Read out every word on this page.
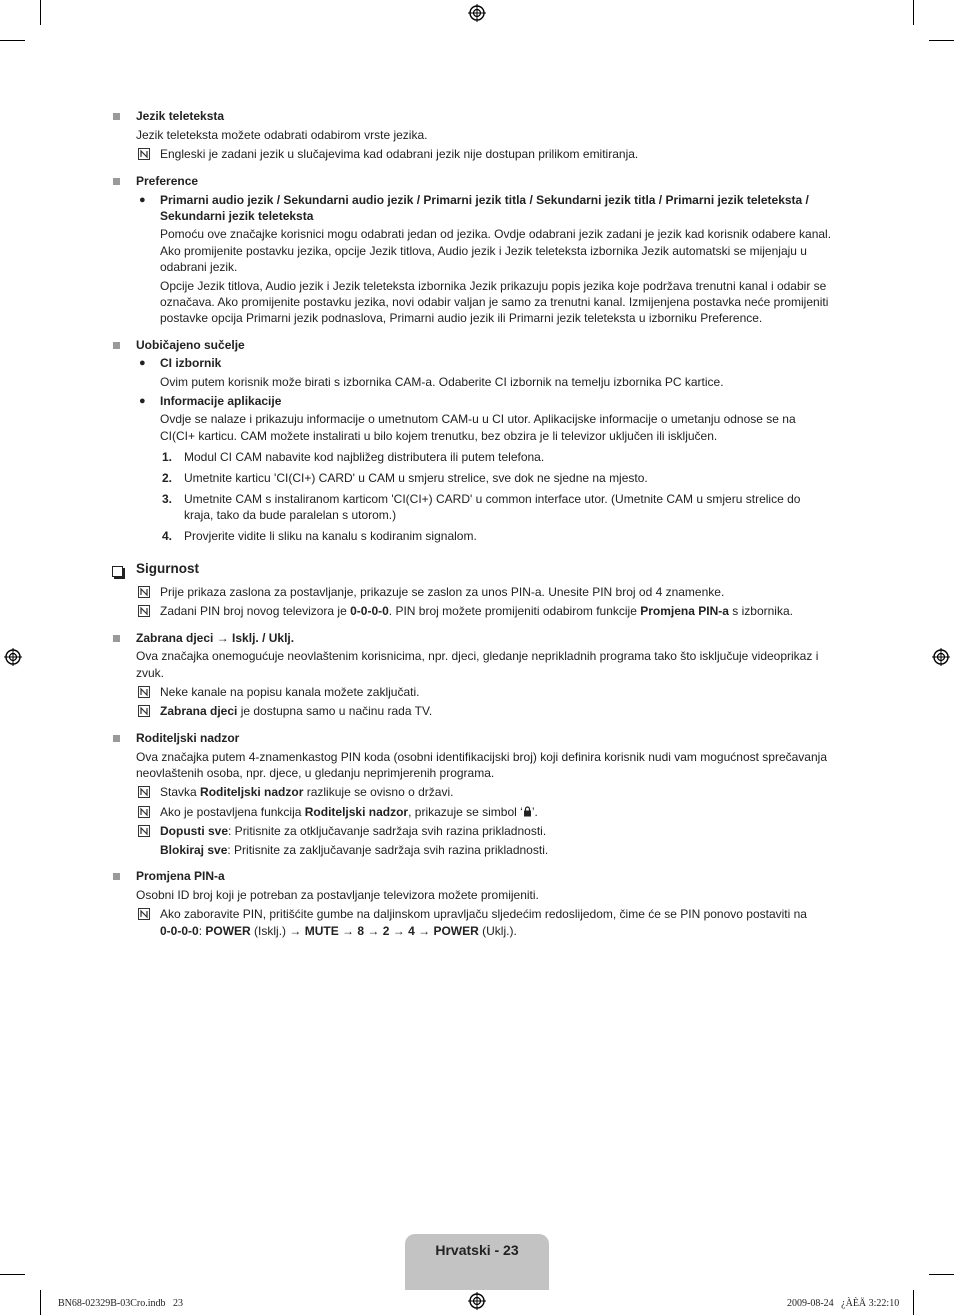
Jezik teleteksta
Jezik teleteksta možete odabrati odabirom vrste jezika.
Engleski je zadani jezik u slučajevima kad odabrani jezik nije dostupan prilikom emitiranja.
Preference
● Primarni audio jezik / Sekundarni audio jezik / Primarni jezik titla / Sekundarni jezik titla / Primarni jezik teleteksta /
Sekundarni jezik teleteksta
Pomoću ove značajke korisnici mogu odabrati jedan od jezika. Ovdje odabrani jezik zadani je jezik kad korisnik odabere kanal.
Ako promijenite postavku jezika, opcije Jezik titlova, Audio jezik i Jezik teleteksta izbornika Jezik automatski se mijenjaju u
odabrani jezik.
Opcije Jezik titlova, Audio jezik i Jezik teleteksta izbornika Jezik prikazuju popis jezika koje podržava trenutni kanal i odabir se
označava. Ako promijenite postavku jezika, novi odabir valjan je samo za trenutni kanal. Izmijenjena postavka neće promijeniti
postavke opcija Primarni jezik podnaslova, Primarni audio jezik ili Primarni jezik teleteksta u izborniku Preference.
Uobičajeno sučelje
● CI izbornik
Ovim putem korisnik može birati s izbornika CAM-a. Odaberite CI izbornik na temelju izbornika PC kartice.
● Informacije aplikacije
Ovdje se nalaze i prikazuju informacije o umetnutom CAM-u u CI utor. Aplikacijske informacije o umetanju odnose se na
CI(CI+ karticu. CAM možete instalirati u bilo kojem trenutku, bez obzira je li televizor uključen ili isključen.
1. Modul CI CAM nabavite kod najbližeg distributera ili putem telefona.
2. Umetnite karticu 'CI(CI+) CARD' u CAM u smjeru strelice, sve dok ne sjedne na mjesto.
3. Umetnite CAM s instaliranom karticom 'CI(CI+) CARD' u common interface utor. (Umetnite CAM u smjeru strelice do
kraja, tako da bude paralelan s utorom.)
4. Provjerite vidite li sliku na kanalu s kodiranim signalom.
Sigurnost
Prije prikaza zaslona za postavljanje, prikazuje se zaslon za unos PIN-a. Unesite PIN broj od 4 znamenke.
Zadani PIN broj novog televizora je 0-0-0-0. PIN broj možete promijeniti odabirom funkcije Promjena PIN-a s izbornika.
Zabrana djeci → Isklj. / Uklj.
Ova značajka onemogućuje neovlaštenim korisnicima, npr. djeci, gledanje neprikladnih programa tako što isključuje videoprikaz i
zvuk.
Neke kanale na popisu kanala možete zaključati.
Zabrana djeci je dostupna samo u načinu rada TV.
Roditeljski nadzor
Ova značajka putem 4-znamenkastog PIN koda (osobni identifikacijski broj) koji definira korisnik nudi vam mogućnost sprečavanja
neovlaštenih osoba, npr. djece, u gledanju neprimjerenih programa.
Stavka Roditeljski nadzor razlikuje se ovisno o državi.
Ako je postavljena funkcija Roditeljski nadzor, prikazuje se simbol ‘ ’.
Dopusti sve: Pritisnite za otključavanje sadržaja svih razina prikladnosti.
Blokiraj sve: Pritisnite za zaključavanje sadržaja svih razina prikladnosti.
Promjena PIN-a
Osobni ID broj koji je potreban za postavljanje televizora možete promijeniti.
Ako zaboravite PIN, pritišćite gumbe na daljinskom upravljaču sljedećim redoslijedom, čime će se PIN ponovo postaviti na
0-0-0-0: POWER (Isklj.) → MUTE → 8 → 2 → 4 → POWER (Uklj.).
Hrvatski - 23
BN68-02329B-03Cro.indb   23	2009-08-24   ¿ÀÈÄ 3:22:10
